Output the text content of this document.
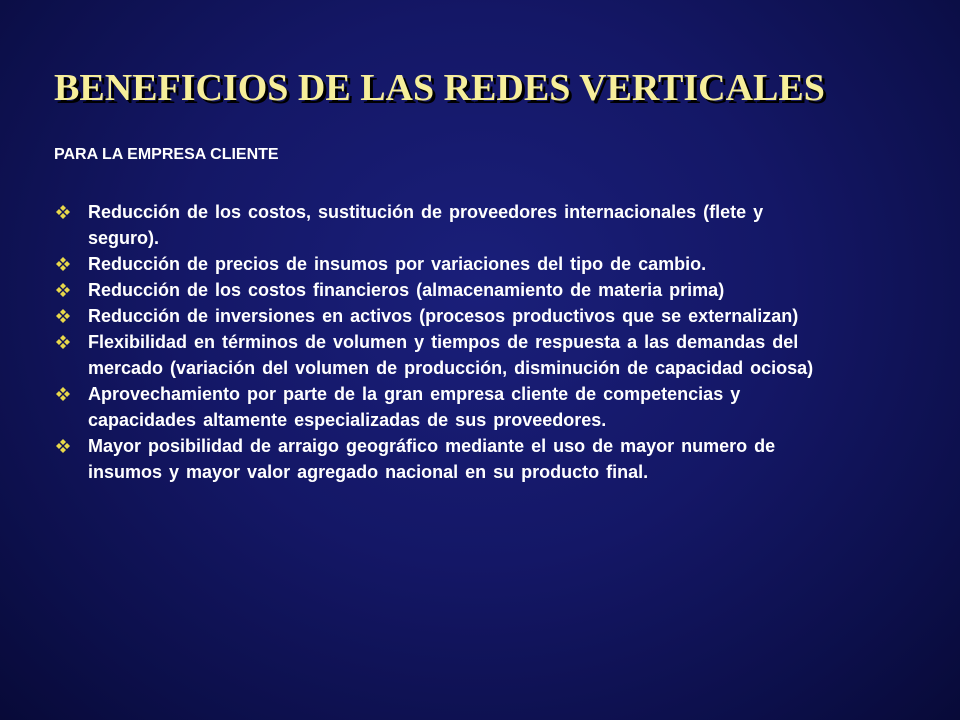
BENEFICIOS DE LAS REDES VERTICALES

PARA LA EMPRESA CLIENTE

Reducción de los costos, sustitución de proveedores internacionales (flete y seguro).
Reducción de precios de insumos por variaciones del tipo de cambio.
Reducción de los costos financieros (almacenamiento de materia prima)
Reducción de inversiones en activos (procesos productivos que se externalizan)
Flexibilidad en términos de volumen y tiempos de respuesta a las demandas del mercado (variación del volumen de producción, disminución de capacidad ociosa)
Aprovechamiento por parte de la gran empresa cliente de competencias y capacidades altamente especializadas de sus proveedores.
Mayor posibilidad de arraigo geográfico mediante el uso de mayor numero de insumos y mayor valor agregado nacional en su producto final.
